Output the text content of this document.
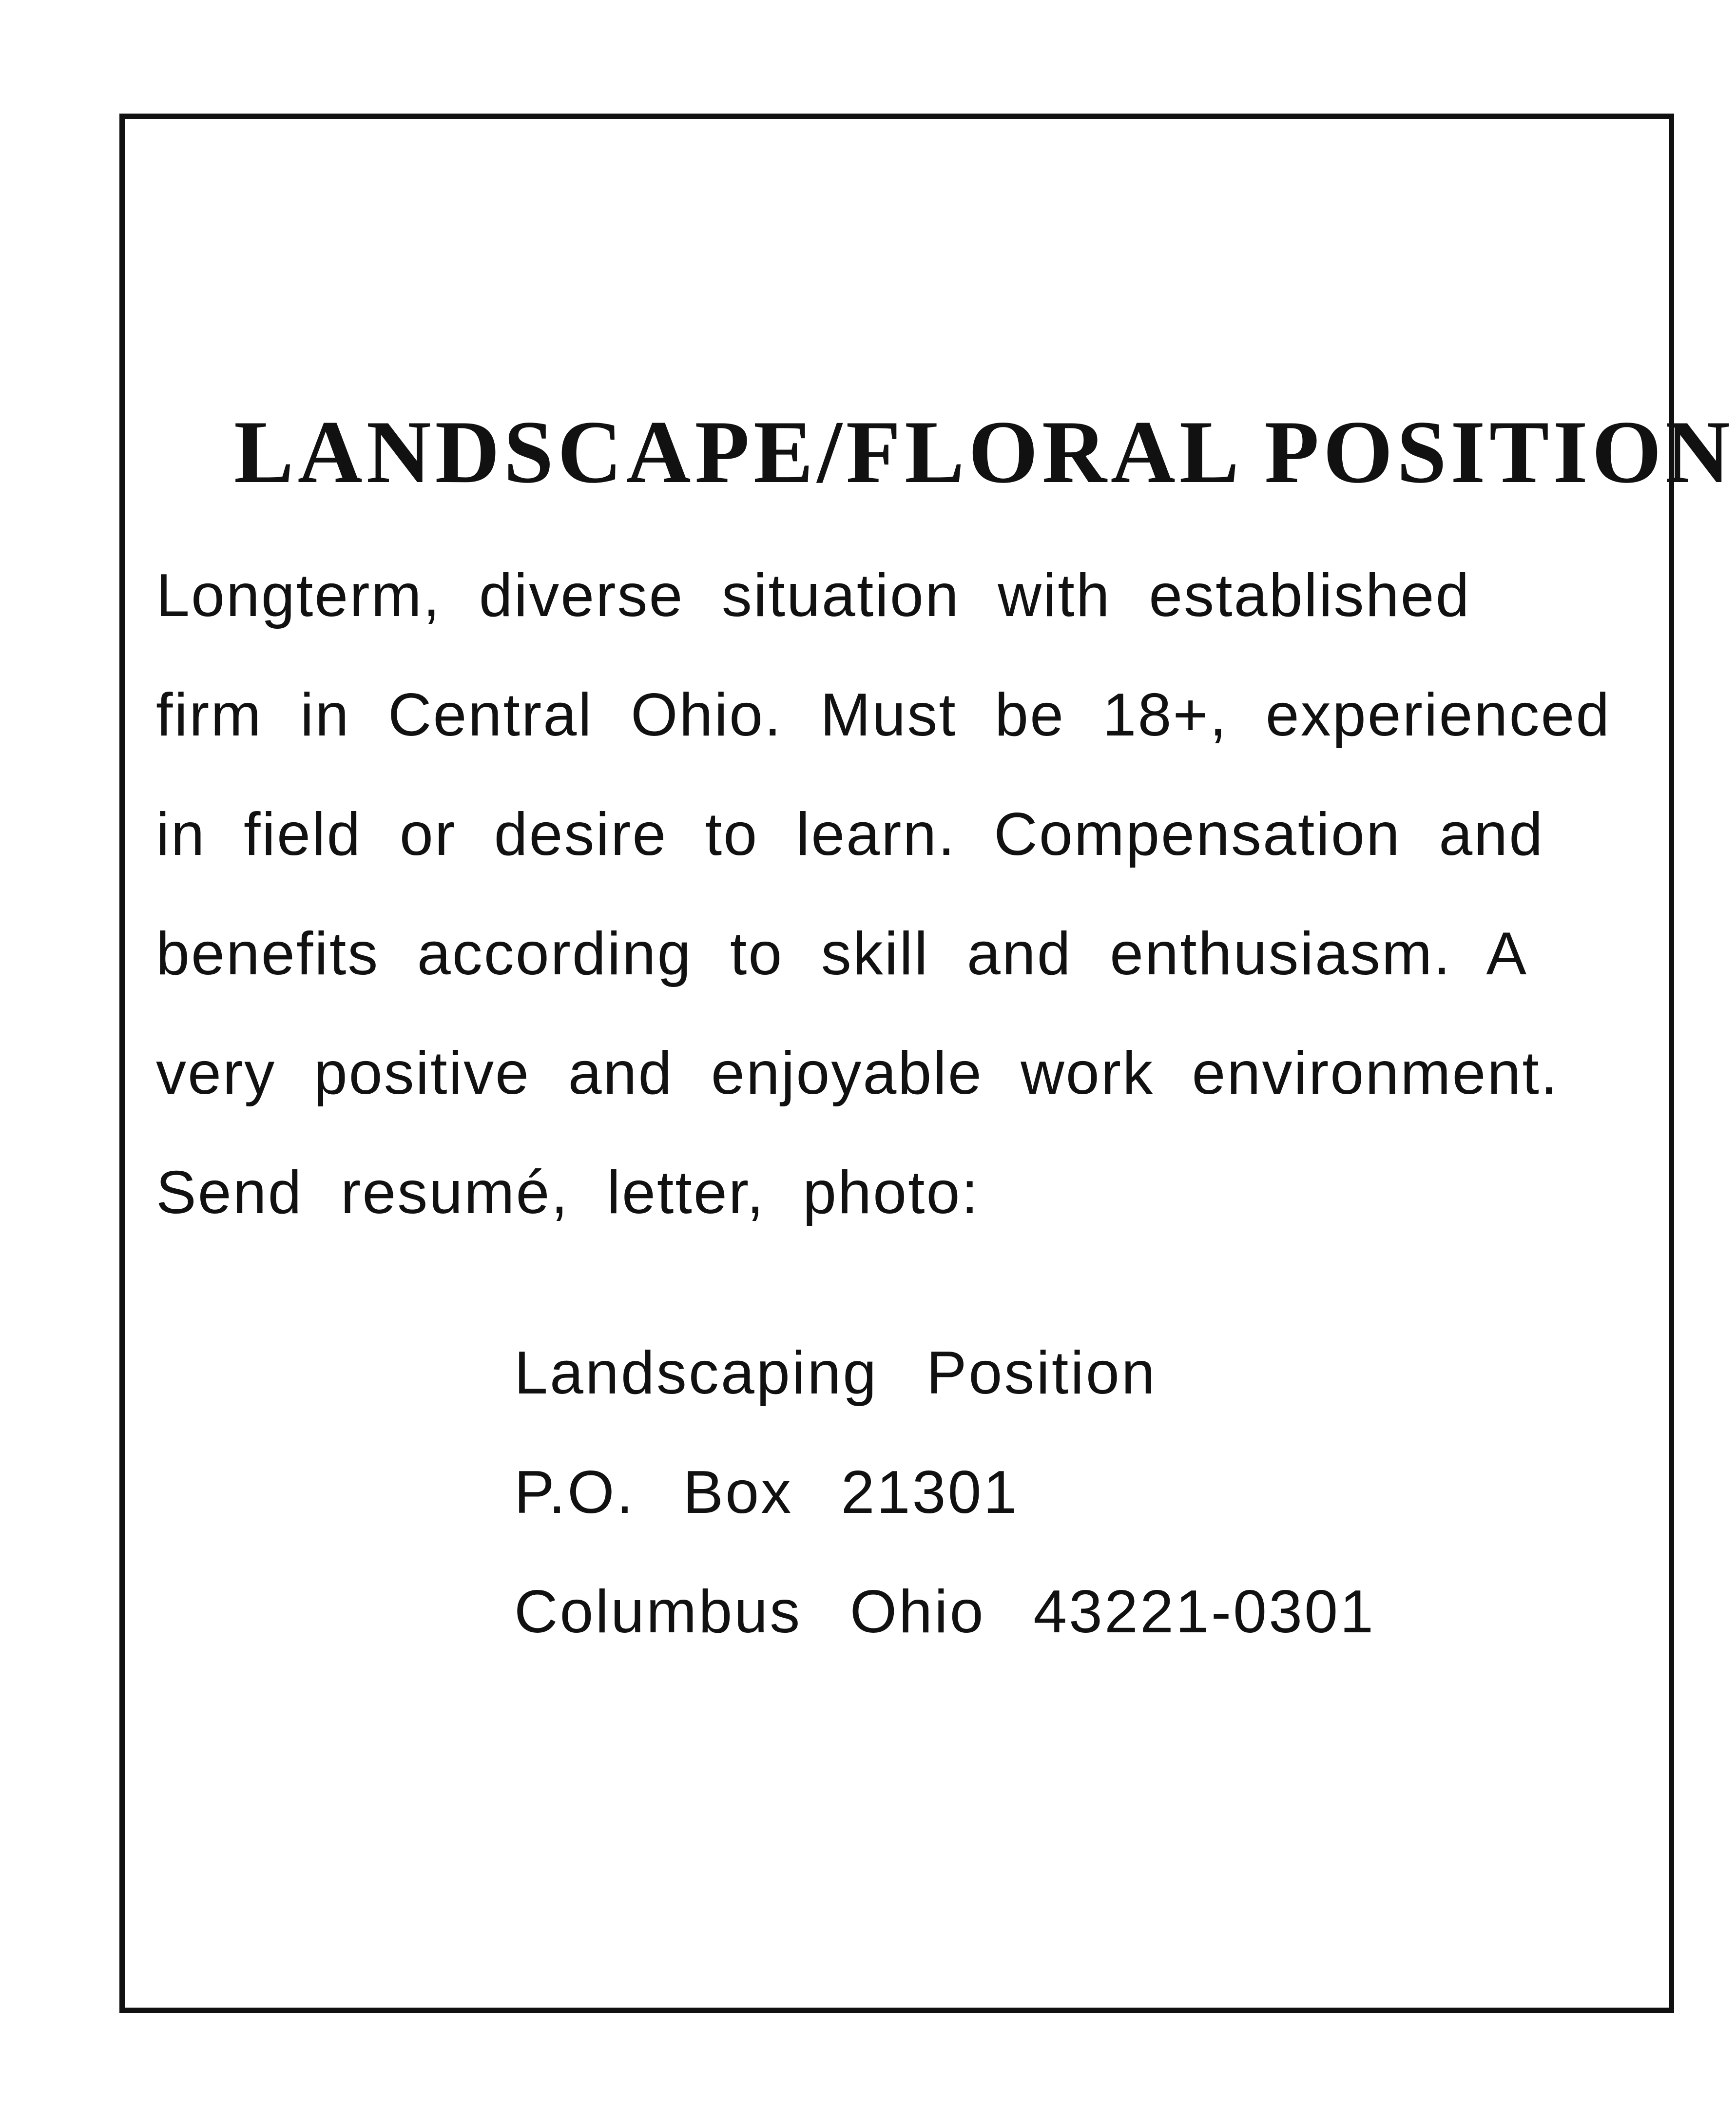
LANDSCAPE/FLORAL POSITION

Longterm, diverse situation with established

firm in Central Ohio. Must be 18+, experienced

in field or desire to learn. Compensation and

benefits according to skill and enthusiasm. A

very positive and enjoyable work environment.

Send resumé, letter, photo:

Landscaping Position

P.O. Box 21301

Columbus Ohio 43221-0301
